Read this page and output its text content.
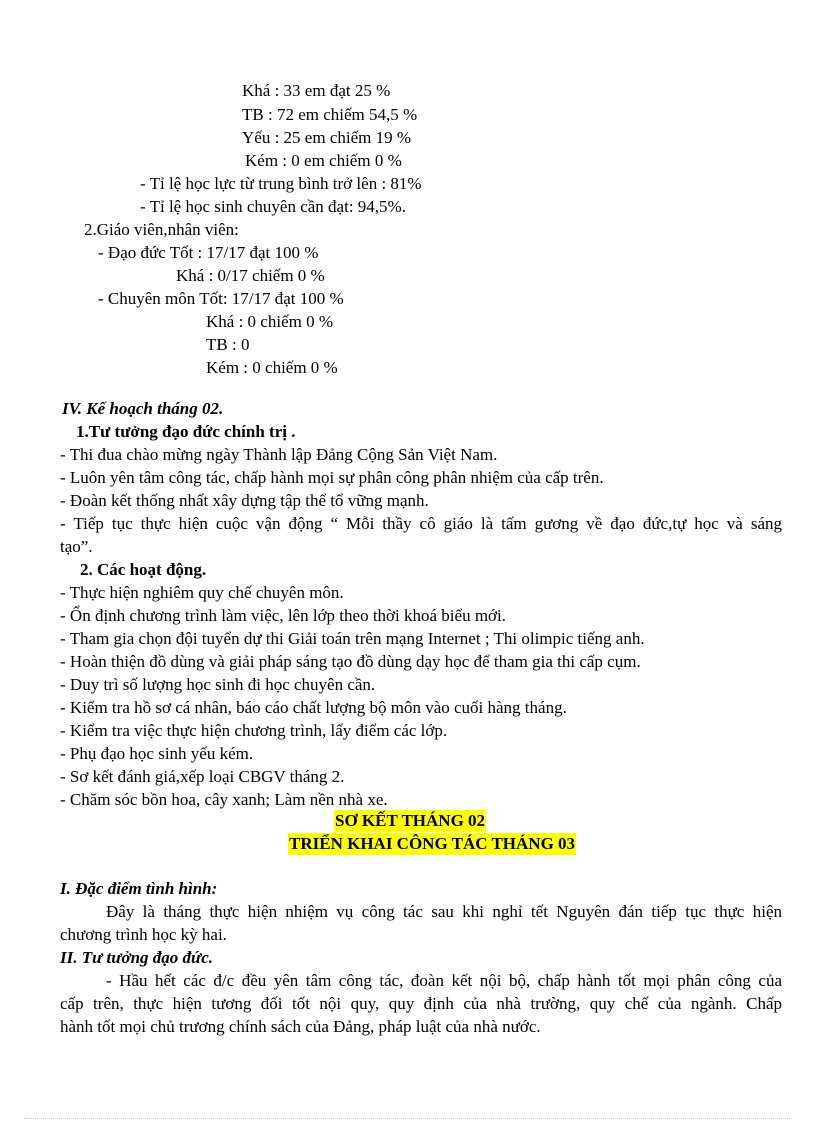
Khá : 33 em đạt 25 %
TB : 72 em chiếm 54,5 %
Yếu : 25 em chiếm 19 %
Kém : 0 em chiếm 0 %
- Tỉ lệ học lực từ trung bình trở lên : 81%
- Tỉ lệ học sinh chuyên cần đạt: 94,5%.
2.Giáo viên,nhân viên:
- Đạo đức Tốt : 17/17 đạt 100 %
Khá : 0/17 chiếm 0 %
- Chuyên môn Tốt: 17/17 đạt 100 %
Khá : 0 chiếm 0 %
TB : 0
Kém : 0 chiếm 0 %
IV. Kế hoạch tháng 02.
1.Tư tưởng đạo đức chính trị .
- Thi đua chào mừng ngày Thành lập Đảng Cộng Sản Việt Nam.
- Luôn yên tâm công tác, chấp hành mọi sự phân công phân nhiệm của cấp trên.
- Đoàn kết thống nhất xây dựng tập thể tổ vững mạnh.
- Tiếp tục thực hiện cuộc vận động “ Mỗi thầy cô giáo là tấm gương về đạo đức,tự học và sáng
tạo”.
2. Các hoạt động.
- Thực hiện nghiêm quy chế chuyên môn.
- Ổn định chương trình làm việc, lên lớp theo thời khoá biểu mới.
- Tham gia chọn đội tuyển dự thi Giải toán trên mạng Internet ; Thi olimpic tiếng anh.
- Hoàn thiện đồ dùng và giải pháp sáng tạo đồ dùng dạy học để tham gia thi cấp cụm.
- Duy trì số lượng học sinh đi học chuyên cần.
- Kiểm tra hồ sơ cá nhân, báo cáo chất lượng bộ môn vào cuối hàng tháng.
- Kiểm tra việc thực hiện chương trình, lấy điểm các lớp.
- Phụ đạo học sinh yếu kém.
- Sơ kết đánh giá,xếp loại CBGV tháng 2.
- Chăm sóc bồn hoa, cây xanh; Làm nền nhà xe.
SƠ KẾT THÁNG 02
TRIỂN KHAI CÔNG TÁC THÁNG 03
I. Đặc điểm tình hình:
Đây là tháng thực hiện nhiệm vụ công tác sau khi nghỉ tết Nguyên đán tiếp tục thực hiện
chương trình học kỳ hai.
II. Tư tưởng đạo đức.
- Hầu hết các đ/c đều yên tâm công tác, đoàn kết nội bộ, chấp hành tốt mọi phân công của
cấp trên, thực hiện tương đối tốt nội quy, quy định của nhà trường, quy chế của ngành. Chấp
hành tốt mọi chủ trương chính sách của Đảng, pháp luật của nhà nước.
